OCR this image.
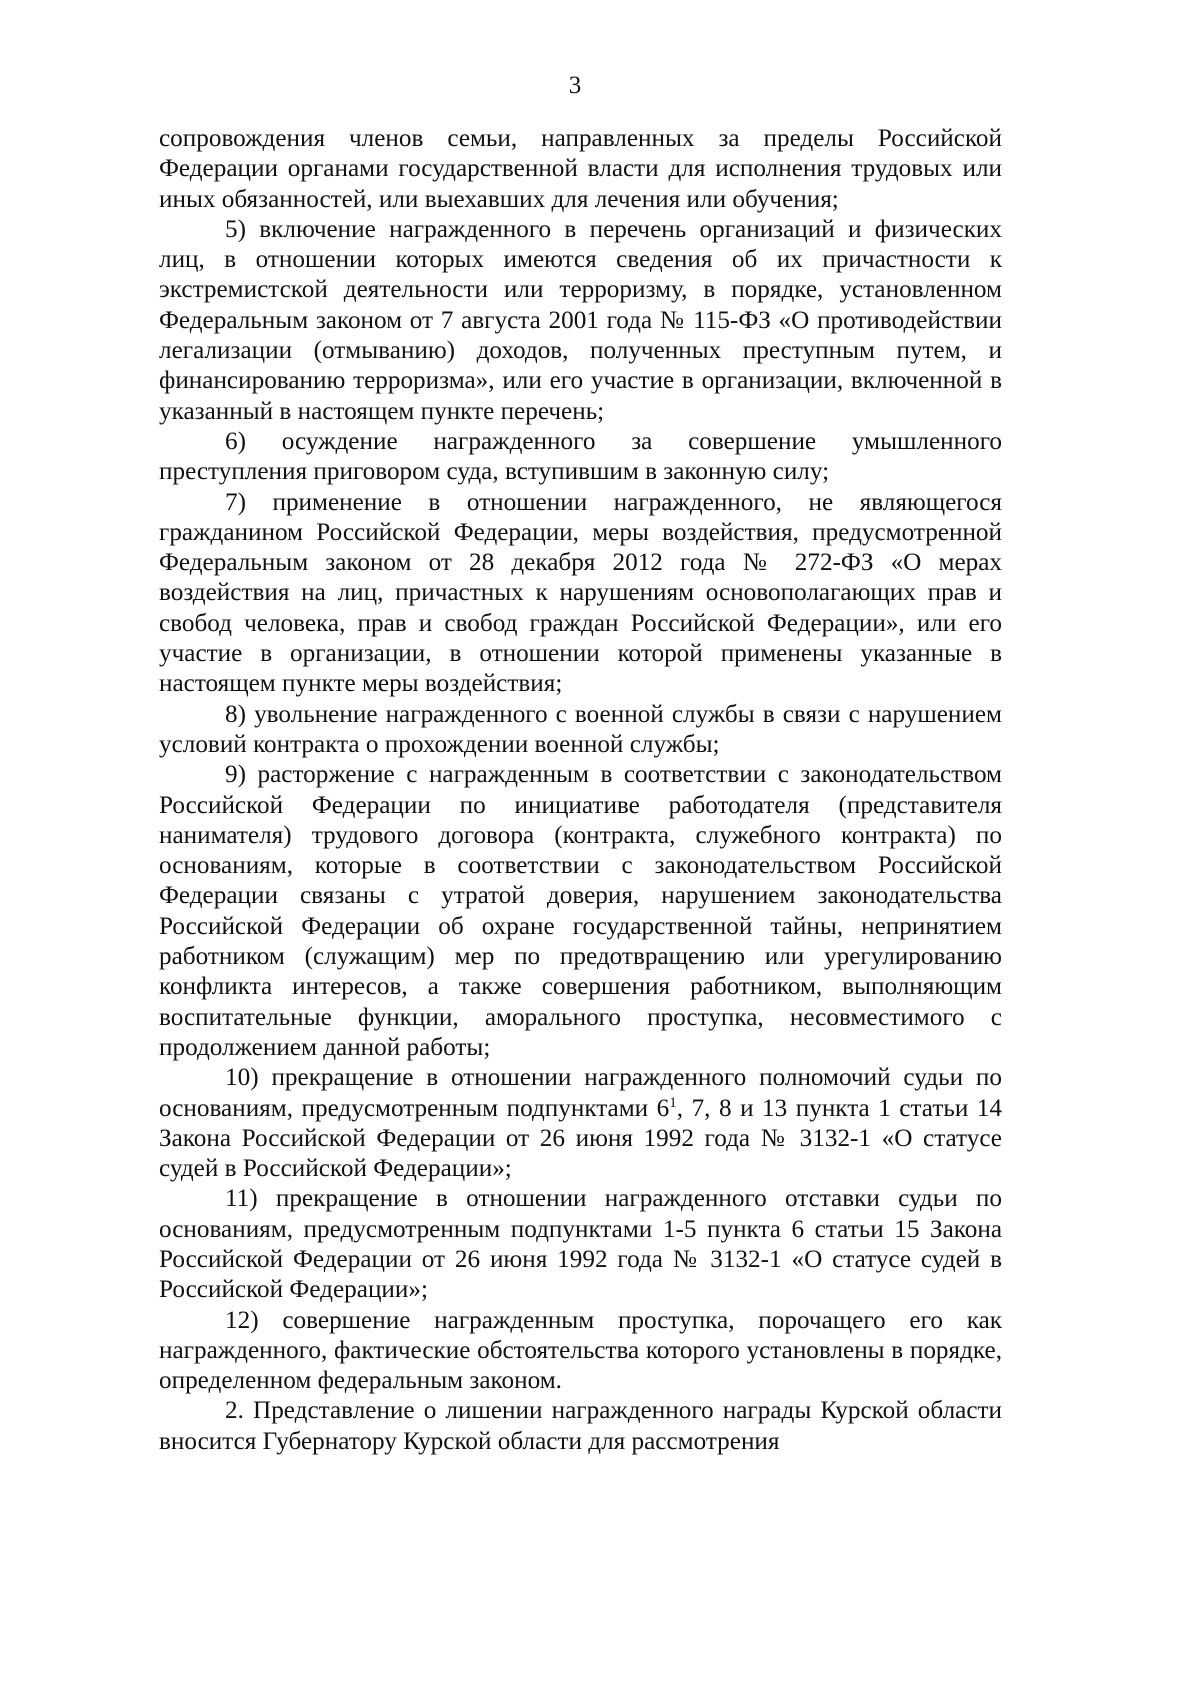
3

сопровождения членов семьи, направленных за пределы Российской Федерации органами государственной власти для исполнения трудовых или иных обязанностей, или выехавших для лечения или обучения;

5) включение награжденного в перечень организаций и физических лиц, в отношении которых имеются сведения об их причастности к экстремистской деятельности или терроризму, в порядке, установленном Федеральным законом от 7 августа 2001 года № 115-ФЗ «О противодействии легализации (отмыванию) доходов, полученных преступным путем, и финансированию терроризма», или его участие в организации, включенной в указанный в настоящем пункте перечень;

6) осуждение награжденного за совершение умышленного преступления приговором суда, вступившим в законную силу;

7) применение в отношении награжденного, не являющегося гражданином Российской Федерации, меры воздействия, предусмотренной Федеральным законом от 28 декабря 2012 года № 272-ФЗ «О мерах воздействия на лиц, причастных к нарушениям основополагающих прав и свобод человека, прав и свобод граждан Российской Федерации», или его участие в организации, в отношении которой применены указанные в настоящем пункте меры воздействия;

8) увольнение награжденного с военной службы в связи с нарушением условий контракта о прохождении военной службы;

9) расторжение с награжденным в соответствии с законодательством Российской Федерации по инициативе работодателя (представителя нанимателя) трудового договора (контракта, служебного контракта) по основаниям, которые в соответствии с законодательством Российской Федерации связаны с утратой доверия, нарушением законодательства Российской Федерации об охране государственной тайны, непринятием работником (служащим) мер по предотвращению или урегулированию конфликта интересов, а также совершения работником, выполняющим воспитательные функции, аморального проступка, несовместимого с продолжением данной работы;

10) прекращение в отношении награжденного полномочий судьи по основаниям, предусмотренным подпунктами $6^1$, 7, 8 и 13 пункта 1 статьи 14 Закона Российской Федерации от 26 июня 1992 года № 3132-1 «О статусе судей в Российской Федерации»;

11) прекращение в отношении награжденного отставки судьи по основаниям, предусмотренным подпунктами 1-5 пункта 6 статьи 15 Закона Российской Федерации от 26 июня 1992 года № 3132-1 «О статусе судей в Российской Федерации»;

12) совершение награжденным проступка, порочащего его как награжденного, фактические обстоятельства которого установлены в порядке, определенном федеральным законом.

2. Представление о лишении награжденного награды Курской области вносится Губернатору Курской области для рассмотрения
